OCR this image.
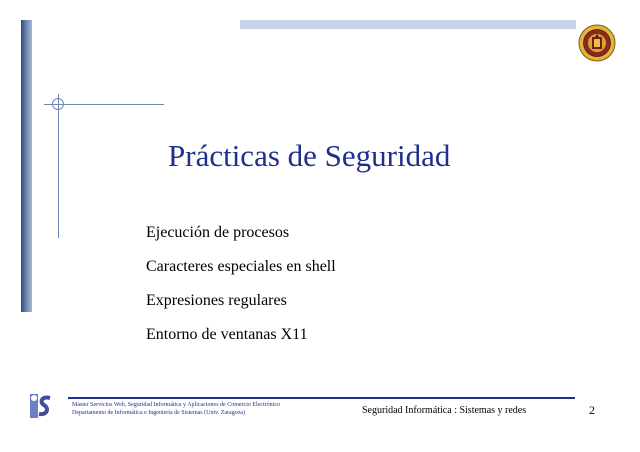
Prácticas de Seguridad
Ejecución de procesos
Caracteres especiales en shell
Expresiones regulares
Entorno de ventanas X11
Master Servicios Web, Seguridad Informática y Aplicaciones de Comercio Electrónico
Departamento de Informática e Ingeniería de Sistemas (Univ. Zaragoza)	Seguridad Informática : Sistemas y redes	2
